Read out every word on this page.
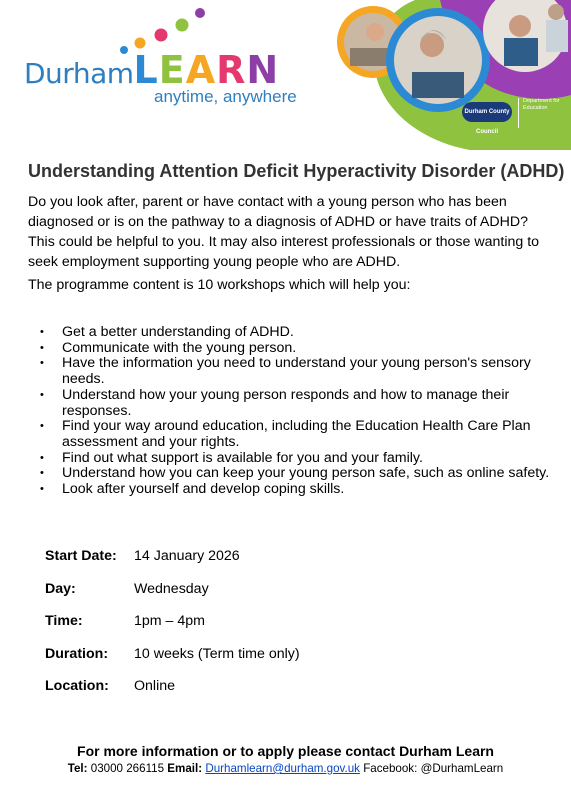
DurhamLEARN
anytime, anywhere
Durham County Council
Department for Education
Understanding Attention Deficit Hyperactivity Disorder (ADHD)

Do you look after, parent or have contact with a young person who has been diagnosed or is on the pathway to a diagnosis of ADHD or have traits of ADHD? This could be helpful to you. It may also interest professionals or those wanting to seek employment supporting young people who are ADHD.

The programme content is 10 workshops which will help you:

• Get a better understanding of ADHD.
• Communicate with the young person.
• Have the information you need to understand your young person's sensory needs.
• Understand how your young person responds and how to manage their responses.
• Find your way around education, including the Education Health Care Plan assessment and your rights.
• Find out what support is available for you and your family.
• Understand how you can keep your young person safe, such as online safety.
• Look after yourself and develop coping skills.
Start Date:	14 January 2026
Day:	Wednesday
Time:	1pm – 4pm
Duration:	10 weeks (Term time only)
Location:	Online

For more information or to apply please contact Durham Learn

Tel: 03000 266115 Email: Durhamlearn@durham.gov.uk Facebook: @DurhamLearn
